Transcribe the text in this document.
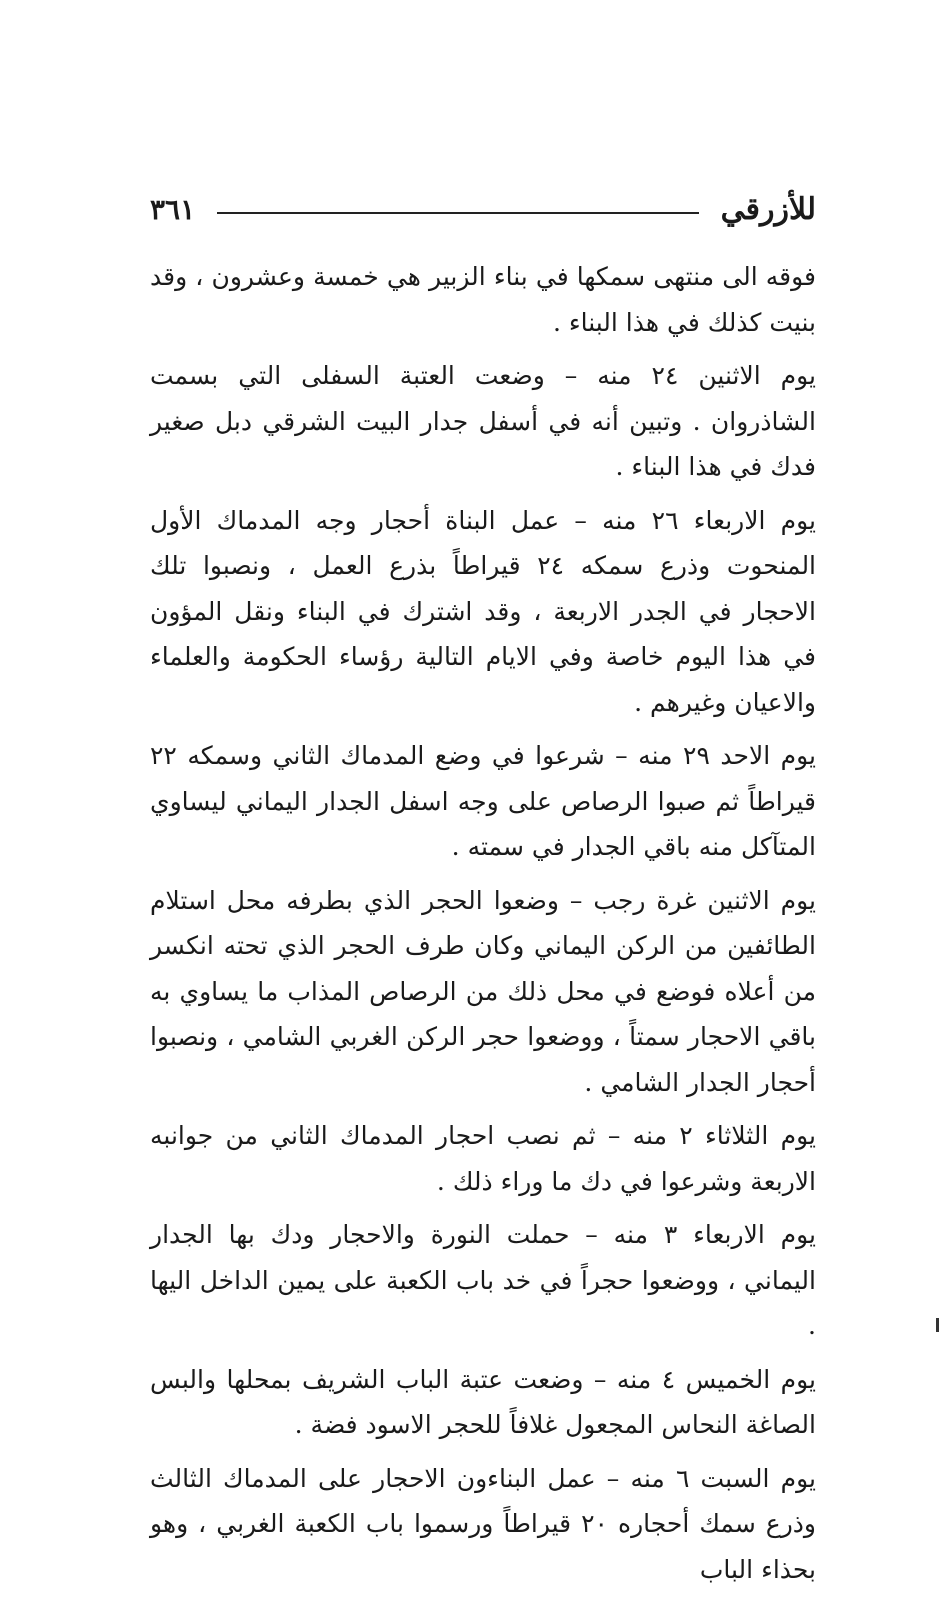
للأزرقي
٣٦١

فوقه الى منتهى سمكها في بناء الزبير هي خمسة وعشرون ، وقد بنيت كذلك في هذا البناء .

يوم الاثنين ٢٤ منه – وضعت العتبة السفلى التي بسمت الشاذروان . وتبين أنه في أسفل جدار البيت الشرقي دبل صغير فدك في هذا البناء .

يوم الاربعاء ٢٦ منه – عمل البناة أحجار وجه المدماك الأول المنحوت وذرع سمكه ٢٤ قيراطاً بذرع العمل ، ونصبوا تلك الاحجار في الجدر الاربعة ، وقد اشترك في البناء ونقل المؤون في هذا اليوم خاصة وفي الايام التالية رؤساء الحكومة والعلماء والاعيان وغيرهم .

يوم الاحد ٢٩ منه – شرعوا في وضع المدماك الثاني وسمكه ٢٢ قيراطاً ثم صبوا الرصاص على وجه اسفل الجدار اليماني ليساوي المتآكل منه باقي الجدار في سمته .

يوم الاثنين غرة رجب – وضعوا الحجر الذي بطرفه محل استلام الطائفين من الركن اليماني وكان طرف الحجر الذي تحته انكسر من أعلاه فوضع في محل ذلك من الرصاص المذاب ما يساوي به باقي الاحجار سمتاً ، ووضعوا حجر الركن الغربي الشامي ، ونصبوا أحجار الجدار الشامي .

يوم الثلاثاء ٢ منه – ثم نصب احجار المدماك الثاني من جوانبه الاربعة وشرعوا في دك ما وراء ذلك .

يوم الاربعاء ٣ منه – حملت النورة والاحجار ودك بها الجدار اليماني ، ووضعوا حجراً في خد باب الكعبة على يمين الداخل اليها .

يوم الخميس ٤ منه – وضعت عتبة الباب الشريف بمحلها والبس الصاغة النحاس المجعول غلافاً للحجر الاسود فضة .

يوم السبت ٦ منه – عمل البناءون الاحجار على المدماك الثالث وذرع سمك أحجاره ٢٠ قيراطاً ورسموا باب الكعبة الغربي ، وهو بحذاء الباب
